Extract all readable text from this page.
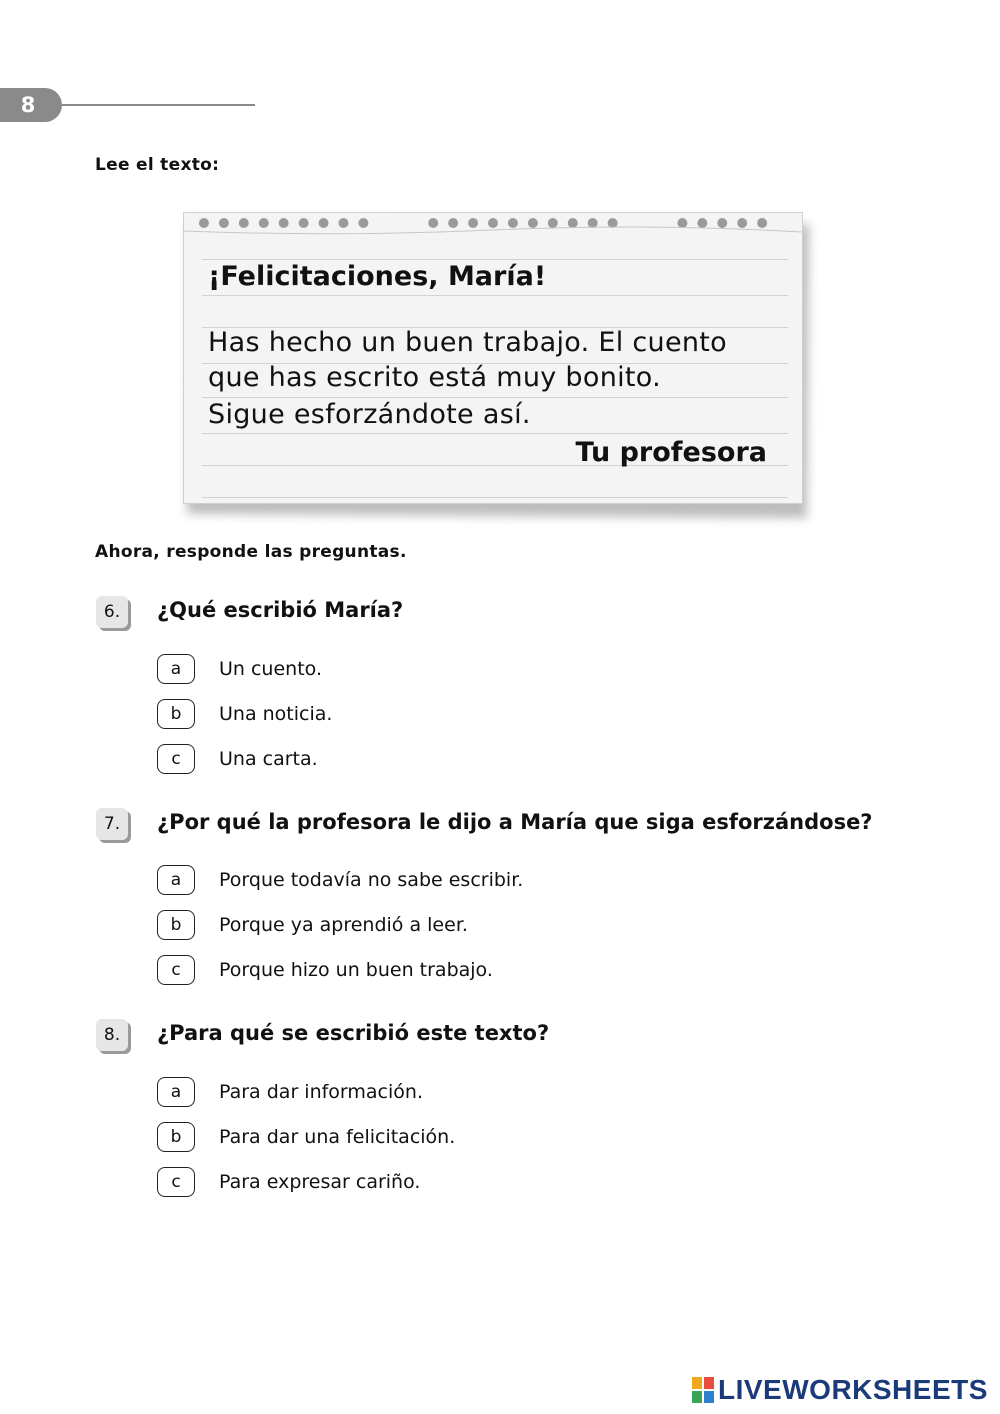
8
Lee el texto:
¡Felicitaciones, María!
Has hecho un buen trabajo. El cuento
que has escrito está muy bonito.
Sigue esforzándote así.
Tu profesora
Ahora, responde las preguntas.
6.	¿Qué escribió María?
a	Un cuento.
b	Una noticia.
c	Una carta.
7.	¿Por qué la profesora le dijo a María que siga esforzándose?
a	Porque todavía no sabe escribir.
b	Porque ya aprendió a leer.
c	Porque hizo un buen trabajo.
8.	¿Para qué se escribió este texto?
a	Para dar información.
b	Para dar una felicitación.
c	Para expresar cariño.
LIVEWORKSHEETS
